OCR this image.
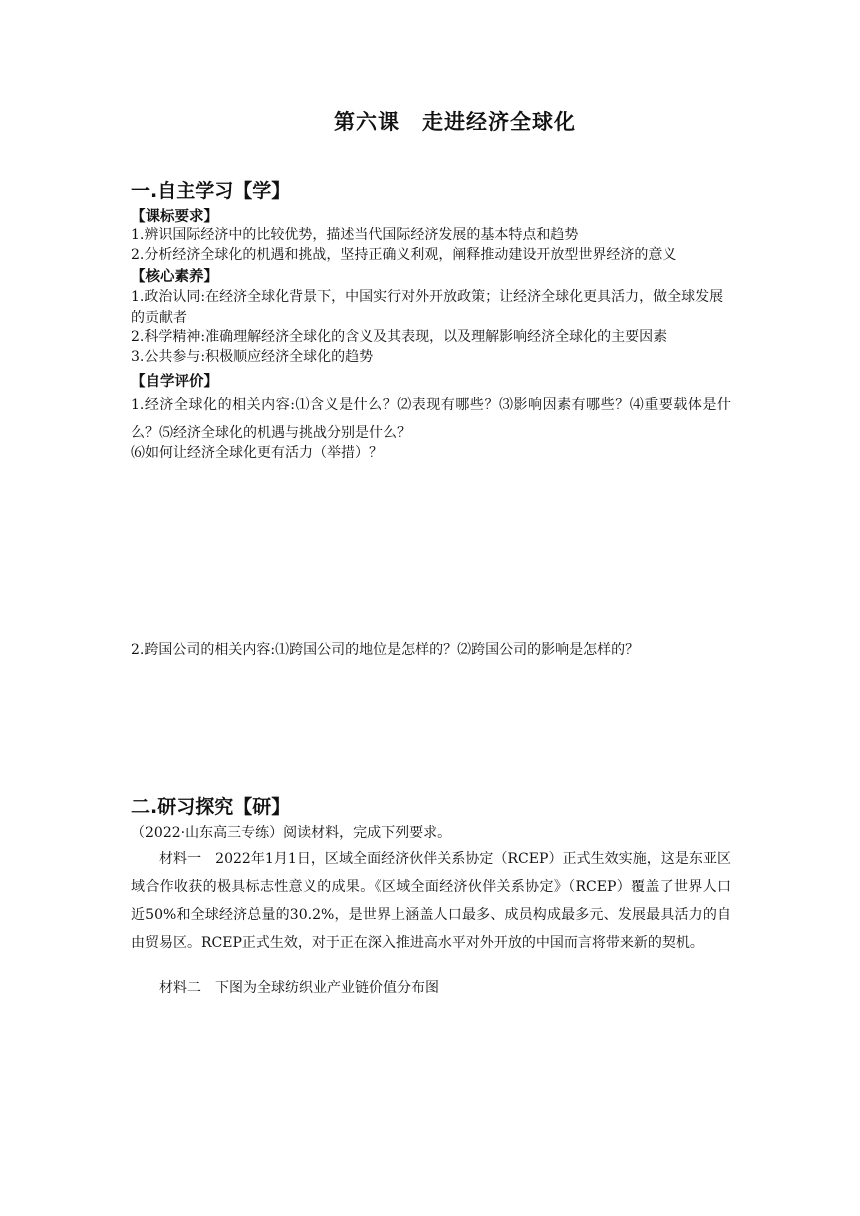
第六课　走进经济全球化
一.自主学习【学】
【课标要求】

1.辨识国际经济中的比较优势，描述当代国际经济发展的基本特点和趋势

2.分析经济全球化的机遇和挑战，坚持正确义利观，阐释推动建设开放型世界经济的意义

【核心素养】

1.政治认同:在经济全球化背景下，中国实行对外开放政策；让经济全球化更具活力，做全球发展的贡献者

2.科学精神:准确理解经济全球化的含义及其表现，以及理解影响经济全球化的主要因素

3.公共参与:积极顺应经济全球化的趋势

【自学评价】

1.经济全球化的相关内容:⑴含义是什么？⑵表现有哪些？⑶影响因素有哪些？⑷重要载体是什么？⑸经济全球化的机遇与挑战分别是什么？

⑹如何让经济全球化更有活力（举措）？

2.跨国公司的相关内容:⑴跨国公司的地位是怎样的？⑵跨国公司的影响是怎样的？

二.研习探究【研】

（2022·山东高三专练）阅读材料，完成下列要求。

材料一　2022年1月1日，区域全面经济伙伴关系协定（RCEP）正式生效实施，这是东亚区域合作收获的极具标志性意义的成果。《区域全面经济伙伴关系协定》（RCEP）覆盖了世界人口近50%和全球经济总量的30.2%，是世界上涵盖人口最多、成员构成最多元、发展最具活力的自由贸易区。RCEP正式生效，对于正在深入推进高水平对外开放的中国而言将带来新的契机。

材料二　下图为全球纺织业产业链价值分布图
